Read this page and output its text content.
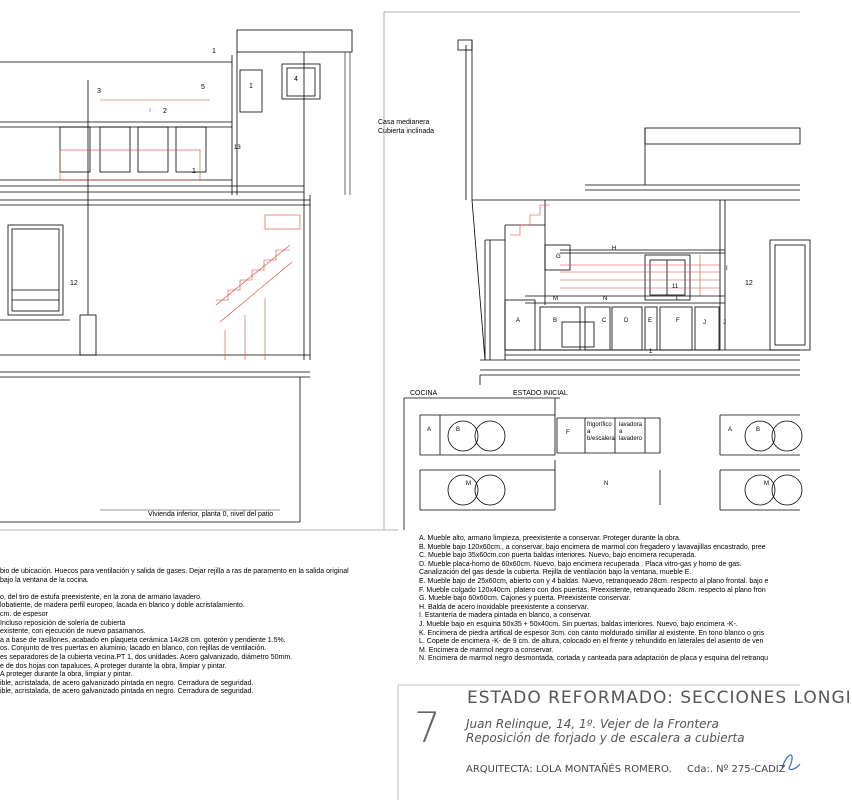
1
4
1
3
5
2
13
1
12
Casa medianera
Cubierta inclinada
Vivienda inferior, planta 0, nivel del patio
H
G
11
I
12
M	N	L
A	B	C	D	E	F	J	J
1
COCINA	ESTADO INICIAL
A	B	F
frigorífico
a
b/escalera
lavadora
a
lavadero
M	N
A	B
M
bio de ubicación. Huecos para ventilación y salida de gases. Dejar rejilla a ras de paramento en la salida original
bajo la ventana de la cocina.
o, del tiro de estufa preexistente, en la zona de armario lavadero.
lobatiente, de madera perfil europeo, lacada en blanco y doble acristalamiento.
cm. de espesor
Incluso reposición de solería de cubierta
existente, con ejecución de nuevo pasamanos.
a a base de rasillones, acabado en plaqueta cerámica 14x28 cm. goterón y pendiente 1.5%.
os. Conjunto de tres puertas en aluminio, lacado en blanco, con rejillas de ventilación.
es separadores de la cubierta vecina.PT 1, dos unidades. Acero galvanizado, diámetro 50mm.
e de dos hojas con tapaluces. A proteger durante la obra, limpiar y pintar.
A proteger durante la obra, limpiar y pintar.
ible, acristalada, de acero galvanizado pintada en negro. Cerradura de seguridad.
ible, acristalada, de acero galvanizado pintada en negro. Cerradura de seguridad.
A. Mueble alto, armario limpieza, preexistente a conservar. Proteger durante la obra.
B. Mueble bajo 120x60cm., a conservar, bajo encimera de marmol con fregadero y lavavajillas encastrado, pree
C. Mueble bajo 35x60cm.con puerta baldas interiores. Nuevo, bajo encimera recuperada.
D. Mueble placa-horno de 60x60cm. Nuevo, bajo encimera recuperada . Placa vitro-gas y horno de gas.
Canalización del gas desde la cubierta. Rejilla de ventilación bajo la ventana, mueble E.
E. Mueble bajo de 25x60cm, abierto con y 4 baldas. Nuevo, retranqueado 28cm. respecto al plano frontal. bajo e
F. Mueble colgado 120x40cm. platero con dos puertas. Preexistente, retranqueado 28cm. respecto al plano fron
G. Mueble bajo 60x60cm. Cajones y puerta. Preexistente conservar.
H. Balda de acero inoxidable preexistente a conservar.
I. Estantería de madera pintada en blanco, a conservar.
J. Mueble bajo en esquina 50x35 + 50x40cm. Sin puertas, baldas interiores. Nuevo, bajo encimera -K-.
K. Encimera de piedra artifical de espesor 3cm. con canto moldurado simillar al existente. En tono blanco o gris
L. Copete de encimera -K- de 9 cm. de altura, colocado en el frente y rehundido en laterales del asiento de ven
M. Encimera de marmol negro a conservar.
N. Encimera de marmol negro desmontada, cortada y canteada para adaptación de placa y esquina del retranqu
7
ESTADO REFORMADO: SECCIONES LONGI
Juan Relinque, 14, 1º. Vejer de la Frontera
Reposición de forjado y de escalera a cubierta
ARQUITECTA: LOLA MONTAÑÉS ROMERO. Cda:. Nº 275-CADIZ
